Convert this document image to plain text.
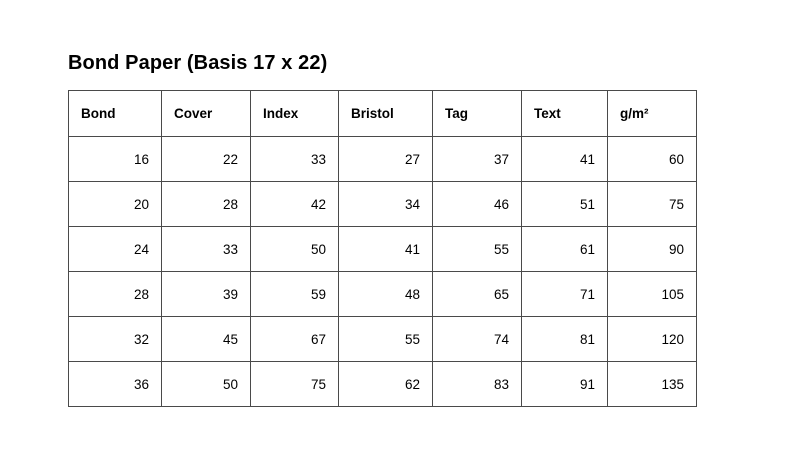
Bond Paper (Basis 17 x 22)
Bond	Cover	Index	Bristol	Tag	Text	g/m²
16	22	33	27	37	41	60
20	28	42	34	46	51	75
24	33	50	41	55	61	90
28	39	59	48	65	71	105
32	45	67	55	74	81	120
36	50	75	62	83	91	135
